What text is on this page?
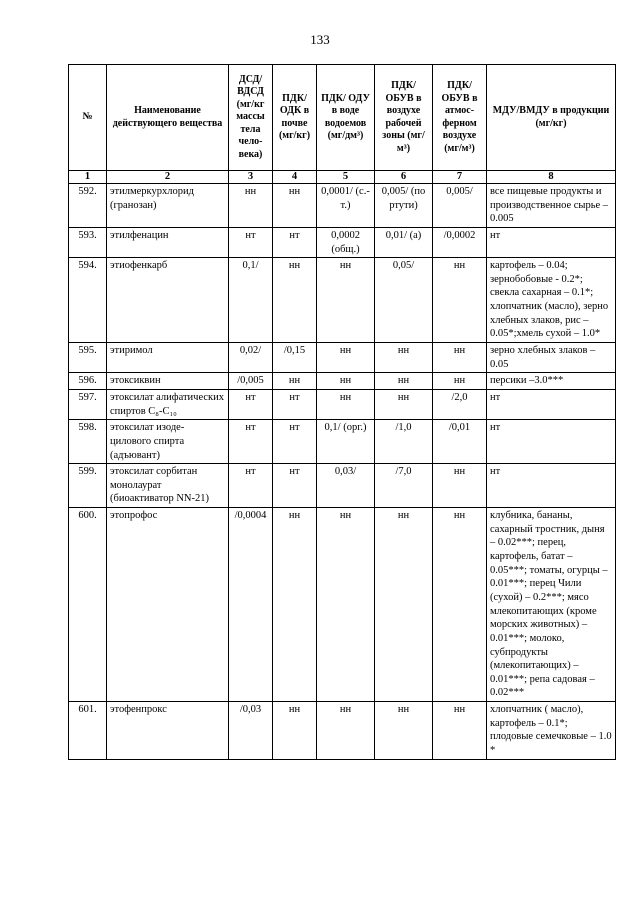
133
№	Наименование действующего вещества	ДСД/ ВДСД (мг/кг массы тела чело-века)	ПДК/ ОДК в почве (мг/кг)	ПДК/ ОДУ в воде водоемов (мг/дм³)	ПДК/ ОБУВ в воздухе рабочей зоны (мг/м³)	ПДК/ ОБУВ в атмос-ферном воздухе (мг/м³)	МДУ/ВМДУ в продукции (мг/кг)
1	2	3	4	5	6	7	8
592.	этилмеркурхлорид (гранозан)	нн	нн	0,0001/ (с.-т.)	0,005/ (по ртути)	0,005/	все пищевые продукты и производственное сырье – 0.005
593.	этилфенацин	нт	нт	0,0002 (общ.)	0,01/ (а)	/0,0002	нт
594.	этиофенкарб	0,1/	нн	нн	0,05/	нн	картофель – 0.04; зернобобовые - 0.2*; свекла сахарная – 0.1*; хлопчатник (масло), зерно хлебных злаков, рис – 0.05*;хмель сухой – 1.0*
595.	этиримол	0,02/	/0,15	нн	нн	нн	зерно хлебных злаков – 0.05
596.	этоксиквин	/0,005	нн	нн	нн	нн	персики –3.0***
597.	этоксилат алифатических спиртов C₈-C₁₀	нт	нт	нн	нн	/2,0	нт
598.	этоксилат изоде-цилового спирта (адъювант)	нт	нт	0,1/ (орг.)	/1,0	/0,01	нт
599.	этоксилат сорбитан монолаурат (биоактиватор NN-21)	нт	нт	0,03/	/7,0	нн	нт
600.	этопрофос	/0,0004	нн	нн	нн	нн	клубника, бананы, сахарный тростник, дыня – 0.02***; перец, картофель, батат – 0.05***; томаты, огурцы – 0.01***; перец Чили (сухой) – 0.2***; мясо млекопитающих (кроме морских животных) – 0.01***; молоко, субпродукты (млекопитающих) – 0.01***; репа садовая – 0.02***
601.	этофенпрокс	/0,03	нн	нн	нн	нн	хлопчатник ( масло), картофель – 0.1*; плодовые семечковые – 1.0 *
